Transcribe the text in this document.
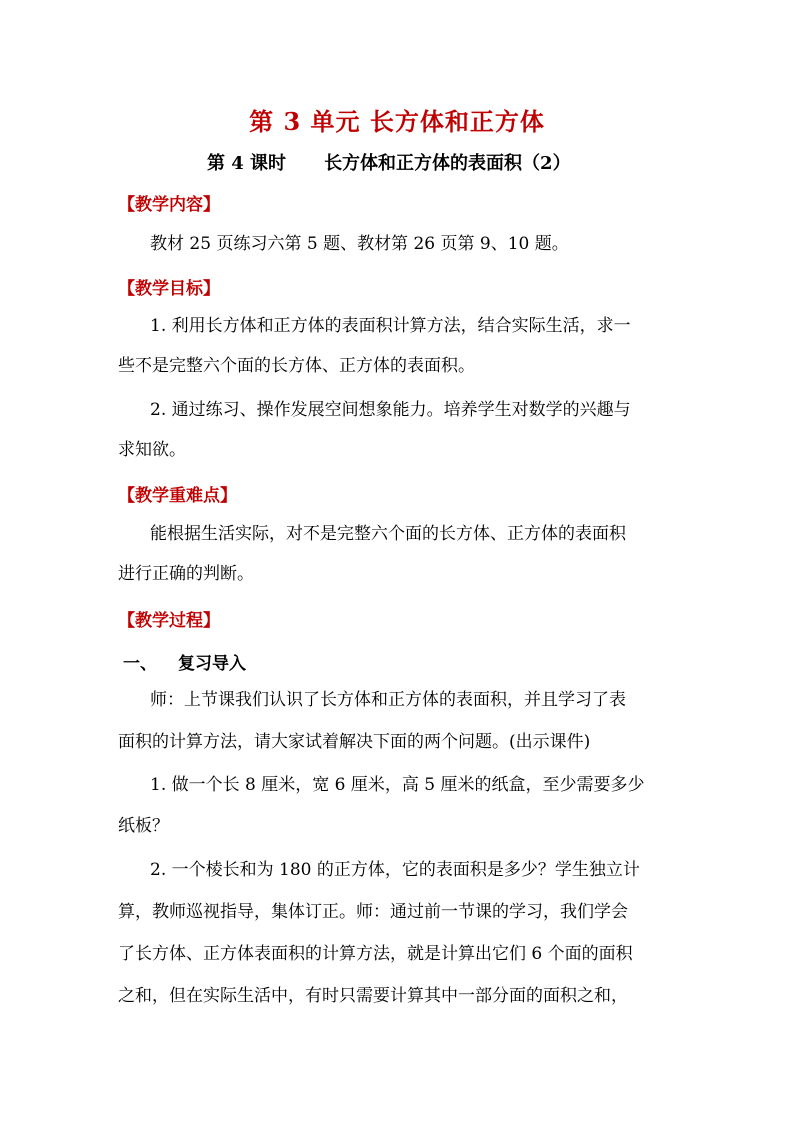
第 3 单元 长方体和正方体
第 4 课时 长方体和正方体的表面积（2）
【教学内容】
教材 25 页练习六第 5 题、教材第 26 页第 9、10 题。
【教学目标】
1. 利用长方体和正方体的表面积计算方法，结合实际生活，求一
些不是完整六个面的长方体、正方体的表面积。
2. 通过练习、操作发展空间想象能力。培养学生对数学的兴趣与
求知欲。
【教学重难点】
能根据生活实际，对不是完整六个面的长方体、正方体的表面积
进行正确的判断。
【教学过程】
一、 复习导入
师：上节课我们认识了长方体和正方体的表面积，并且学习了表
面积的计算方法，请大家试着解决下面的两个问题。(出示课件)
1. 做一个长 8 厘米，宽 6 厘米，高 5 厘米的纸盒，至少需要多少
纸板？
2. 一个棱长和为 180 的正方体，它的表面积是多少？学生独立计
算，教师巡视指导，集体订正。师：通过前一节课的学习，我们学会
了长方体、正方体表面积的计算方法，就是计算出它们 6 个面的面积
之和，但在实际生活中，有时只需要计算其中一部分面的面积之和，
